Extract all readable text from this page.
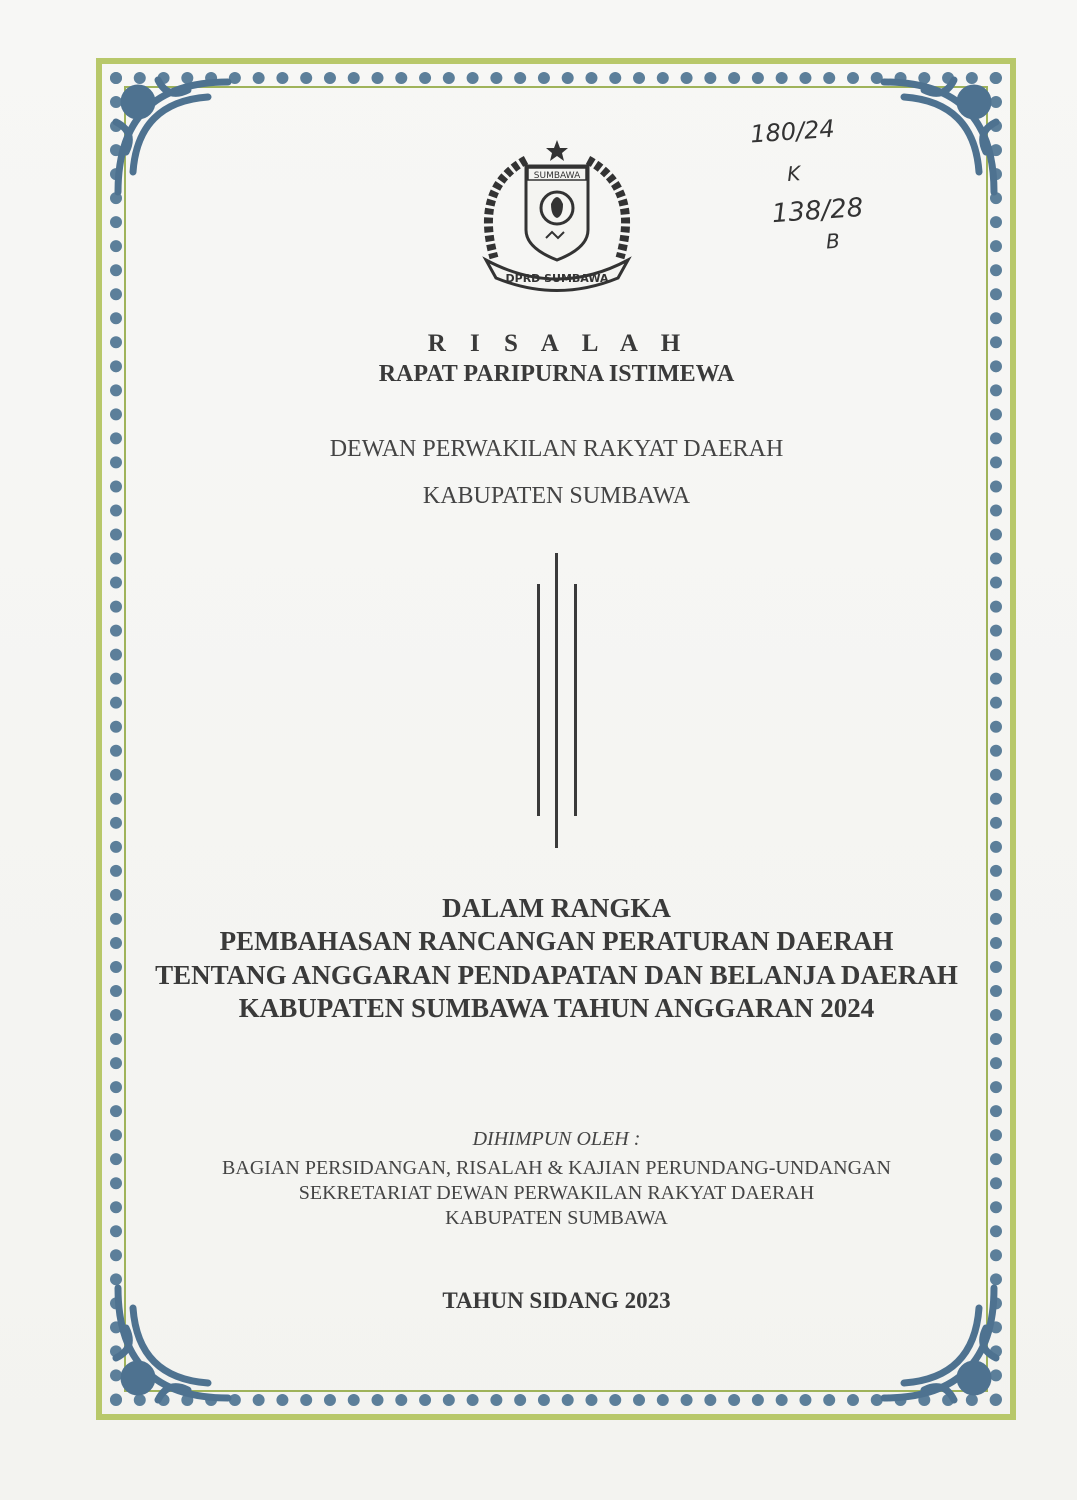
SUMBAWA
DPRD SUMBAWA
180/24
K
138/28
B
R I S A L A H
RAPAT PARIPURNA ISTIMEWA
DEWAN PERWAKILAN RAKYAT DAERAH
KABUPATEN SUMBAWA
DALAM RANGKA
PEMBAHASAN RANCANGAN PERATURAN DAERAH
TENTANG ANGGARAN PENDAPATAN DAN BELANJA DAERAH
KABUPATEN SUMBAWA TAHUN ANGGARAN 2024
DIHIMPUN OLEH :
BAGIAN PERSIDANGAN, RISALAH & KAJIAN PERUNDANG-UNDANGAN
SEKRETARIAT DEWAN PERWAKILAN RAKYAT DAERAH
KABUPATEN SUMBAWA
TAHUN SIDANG 2023
